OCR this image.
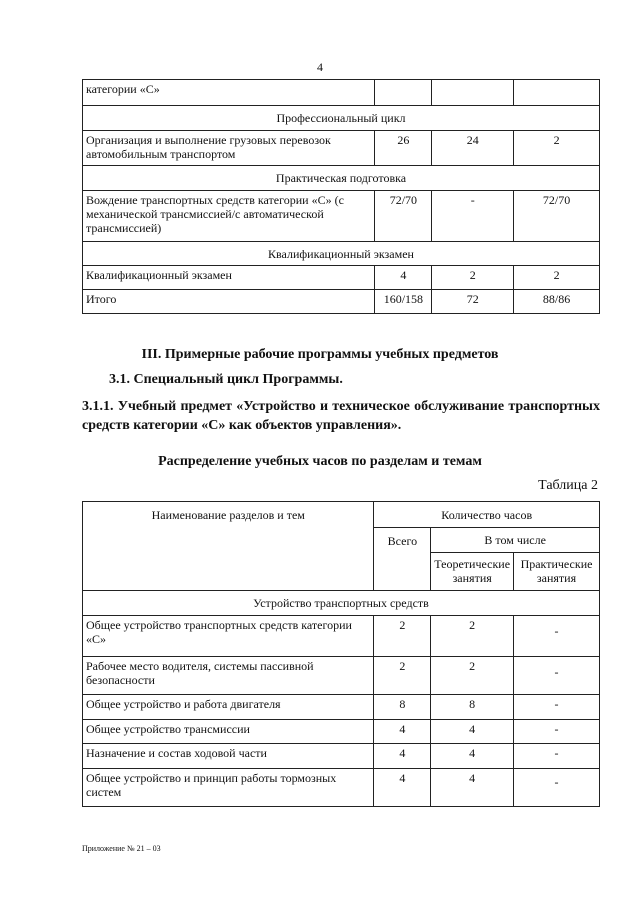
4
категории «С»			
Профессиональный цикл			
Организация и выполнение грузовых перевозок автомобильным транспортом	26	24	2
Практическая подготовка			
Вождение транспортных средств категории «С» (с механической трансмиссией/с автоматической трансмиссией)	72/70	-	72/70
Квалификационный экзамен			
Квалификационный экзамен	4	2	2
Итого	160/158	72	88/86
III. Примерные рабочие программы учебных предметов
3.1. Специальный цикл Программы.
3.1.1. Учебный предмет «Устройство и техническое обслуживание транспортных средств категории «С» как объектов управления».
Распределение учебных часов по разделам и темам
Таблица 2
Наименование разделов и тем	Количество часов		
	Всего	В том числе	
		Теоретические занятия	Практические занятия
Устройство транспортных средств			
Общее устройство транспортных средств категории «С»	2	2	-
Рабочее место водителя, системы пассивной безопасности	2	2	-
Общее устройство и работа двигателя	8	8	-
Общее устройство трансмиссии	4	4	-
Назначение и состав ходовой части	4	4	-
Общее устройство и принцип работы тормозных систем	4	4	-
Приложение № 21 – 03
